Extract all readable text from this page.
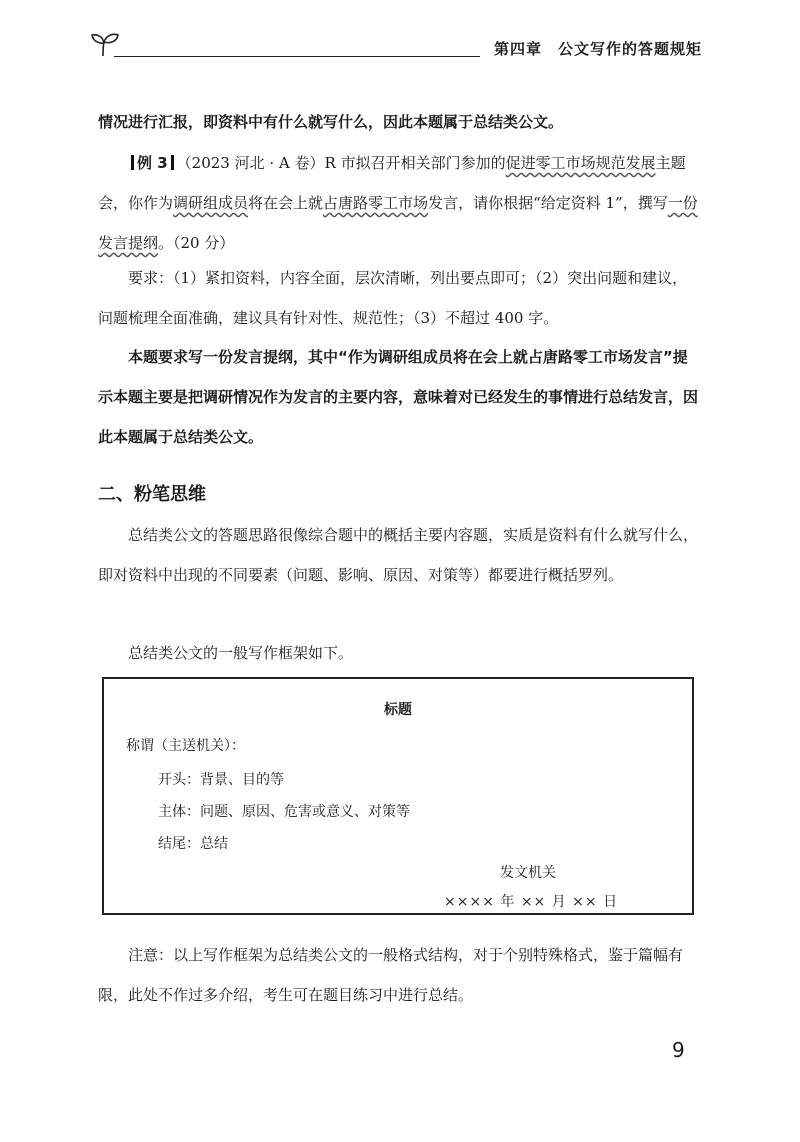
第四章 公文写作的答题规矩

情况进行汇报，即资料中有什么就写什么，因此本题属于总结类公文。

例 3 （2023 河北 · A 卷）R 市拟召开相关部门参加的促进零工市场规范发展主题会，你作为调研组成员将在会上就占唐路零工市场发言，请你根据“给定资料 1”，撰写一份发言提纲。（20 分）

要求：（1）紧扣资料，内容全面，层次清晰，列出要点即可；（2）突出问题和建议，问题梳理全面准确，建议具有针对性、规范性；（3）不超过 400 字。

本题要求写一份发言提纲，其中“作为调研组成员将在会上就占唐路零工市场发言”提示本题主要是把调研情况作为发言的主要内容，意味着对已经发生的事情进行总结发言，因此本题属于总结类公文。

二、粉笔思维

总结类公文的答题思路很像综合题中的概括主要内容题，实质是资料有什么就写什么，即对资料中出现的不同要素（问题、影响、原因、对策等）都要进行概括罗列。

总结类公文的一般写作框架如下。

标题
称谓（主送机关）：
开头：背景、目的等
主体：问题、原因、危害或意义、对策等
结尾：总结
发文机关
×××× 年 ×× 月 ×× 日

注意：以上写作框架为总结类公文的一般格式结构，对于个别特殊格式，鉴于篇幅有限，此处不作过多介绍，考生可在题目练习中进行总结。

9
